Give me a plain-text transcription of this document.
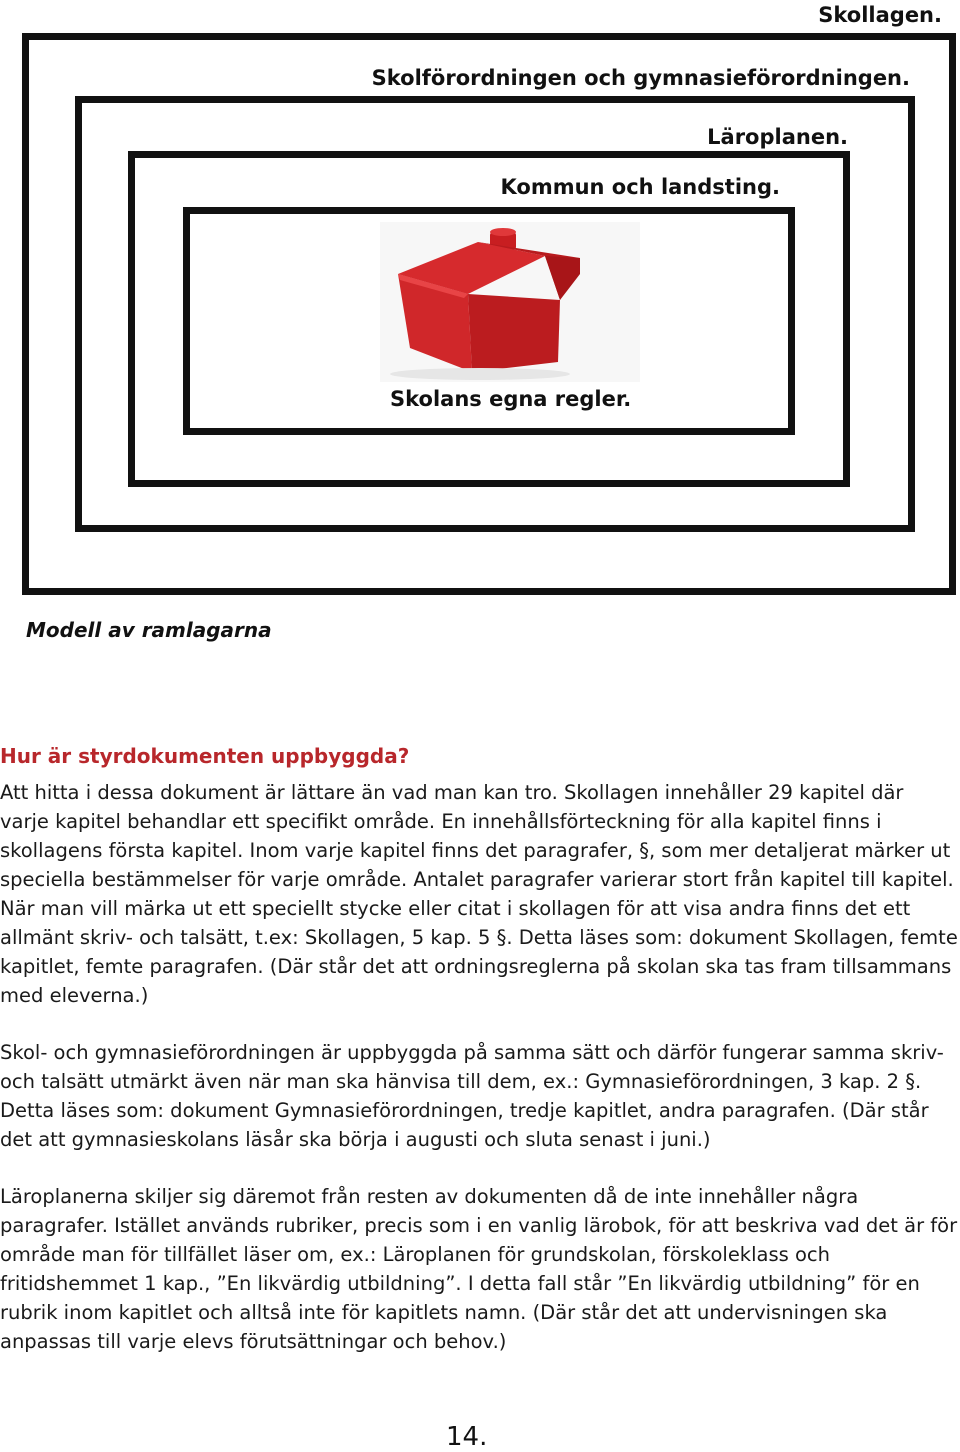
Skollagen.
Skolförordningen och gymnasieförordningen.
Läroplanen.
Kommun och landsting.
Skolans egna regler.
Modell av ramlagarna
Hur är styrdokumenten uppbyggda?

Att hitta i dessa dokument är lättare än vad man kan tro. Skollagen innehåller 29 kapitel där varje kapitel behandlar ett specifikt område. En innehållsförteckning för alla kapitel finns i skollagens första kapitel. Inom varje kapitel finns det paragrafer, §, som mer detaljerat märker ut speciella bestämmelser för varje område. Antalet paragrafer varierar stort från kapitel till kapitel. När man vill märka ut ett speciellt stycke eller citat i skollagen för att visa andra finns det ett allmänt skriv- och talsätt, t.ex: Skollagen, 5 kap. 5 §. Detta läses som: dokument Skollagen, femte kapitlet, femte paragrafen. (Där står det att ordningsreglerna på skolan ska tas fram tillsammans med eleverna.)

Skol- och gymnasieförordningen är uppbyggda på samma sätt och därför fungerar samma skriv- och talsätt utmärkt även när man ska hänvisa till dem, ex.: Gymnasieförordningen, 3 kap. 2 §. Detta läses som: dokument Gymnasieförordningen, tredje kapitlet, andra paragrafen. (Där står det att gymnasieskolans läsår ska börja i augusti och sluta senast i juni.)

Läroplanerna skiljer sig däremot från resten av dokumenten då de inte innehåller några paragrafer. Istället används rubriker, precis som i en vanlig lärobok, för att beskriva vad det är för område man för tillfället läser om, ex.: Läroplanen för grundskolan, förskoleklass och fritidshemmet 1 kap., ”En likvärdig utbildning”. I detta fall står ”En likvärdig utbildning” för en rubrik inom kapitlet och alltså inte för kapitlets namn. (Där står det att undervisningen ska anpassas till varje elevs förutsättningar och behov.)

14.
